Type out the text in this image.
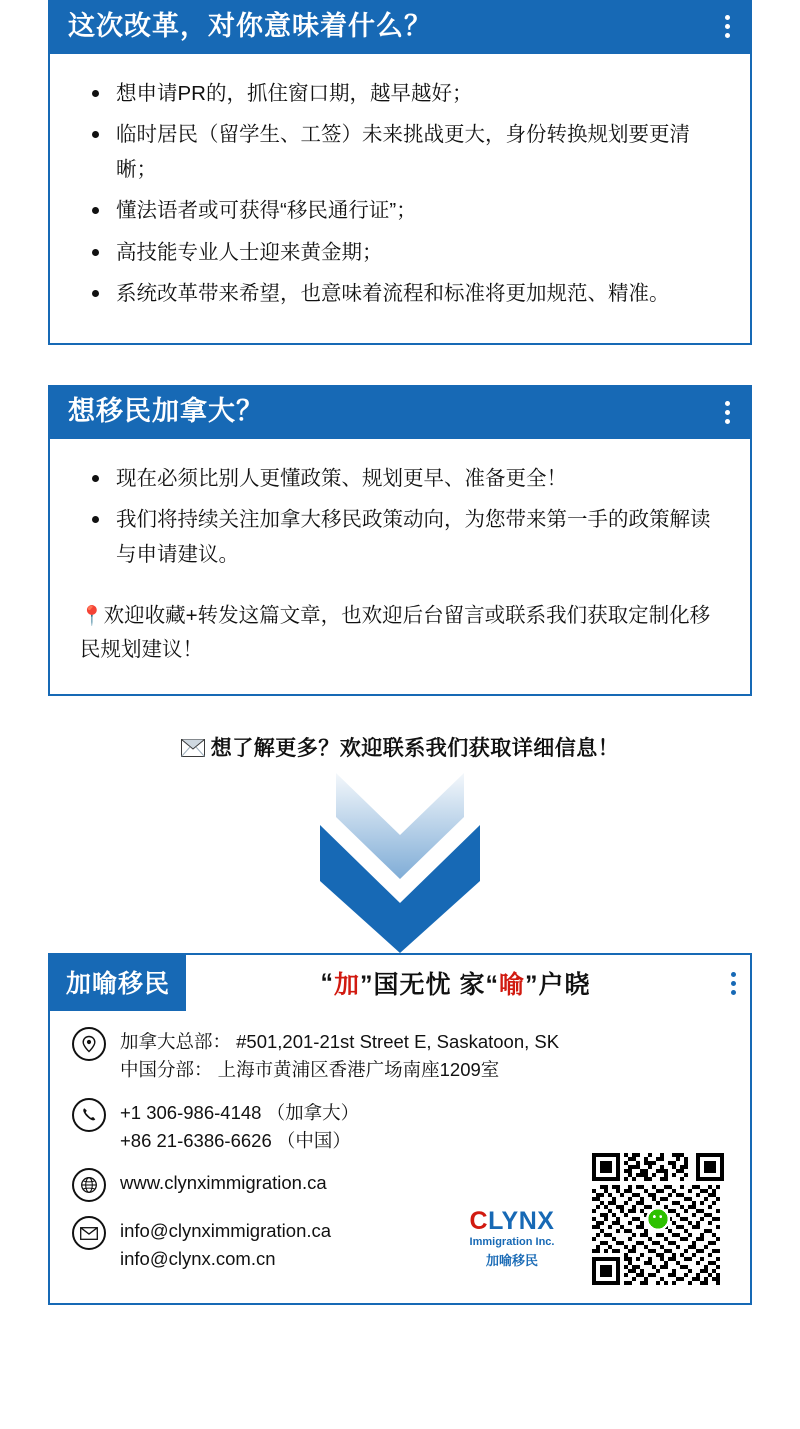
这次改革，对你意味着什么？
想申请PR的，抓住窗口期，越早越好；
临时居民（留学生、工签）未来挑战更大，身份转换规划要更清晰；
懂法语者或可获得“移民通行证”；
高技能专业人士迎来黄金期；
系统改革带来希望，也意味着流程和标准将更加规范、精准。
想移民加拿大？
现在必须比别人更懂政策、规划更早、准备更全！
我们将持续关注加拿大移民政策动向，为您带来第一手的政策解读与申请建议。
📍欢迎收藏+转发这篇文章，也欢迎后台留言或联系我们获取定制化移民规划建议！
想了解更多？欢迎联系我们获取详细信息！
加喻移民	“ 加 ”国无忧 家“ 喻 ”户晓
加拿大总部： #501,201-21st Street E, Saskatoon, SK
中国分部： 上海市黄浦区香港广场南座1209室
+1 306-986-4148 （加拿大）
+86 21-6386-6626 （中国）
www.clynximmigration.ca
info@clynximmigration.ca
info@clynx.com.cn
CLYNX
Immigration Inc.
加喻移民
